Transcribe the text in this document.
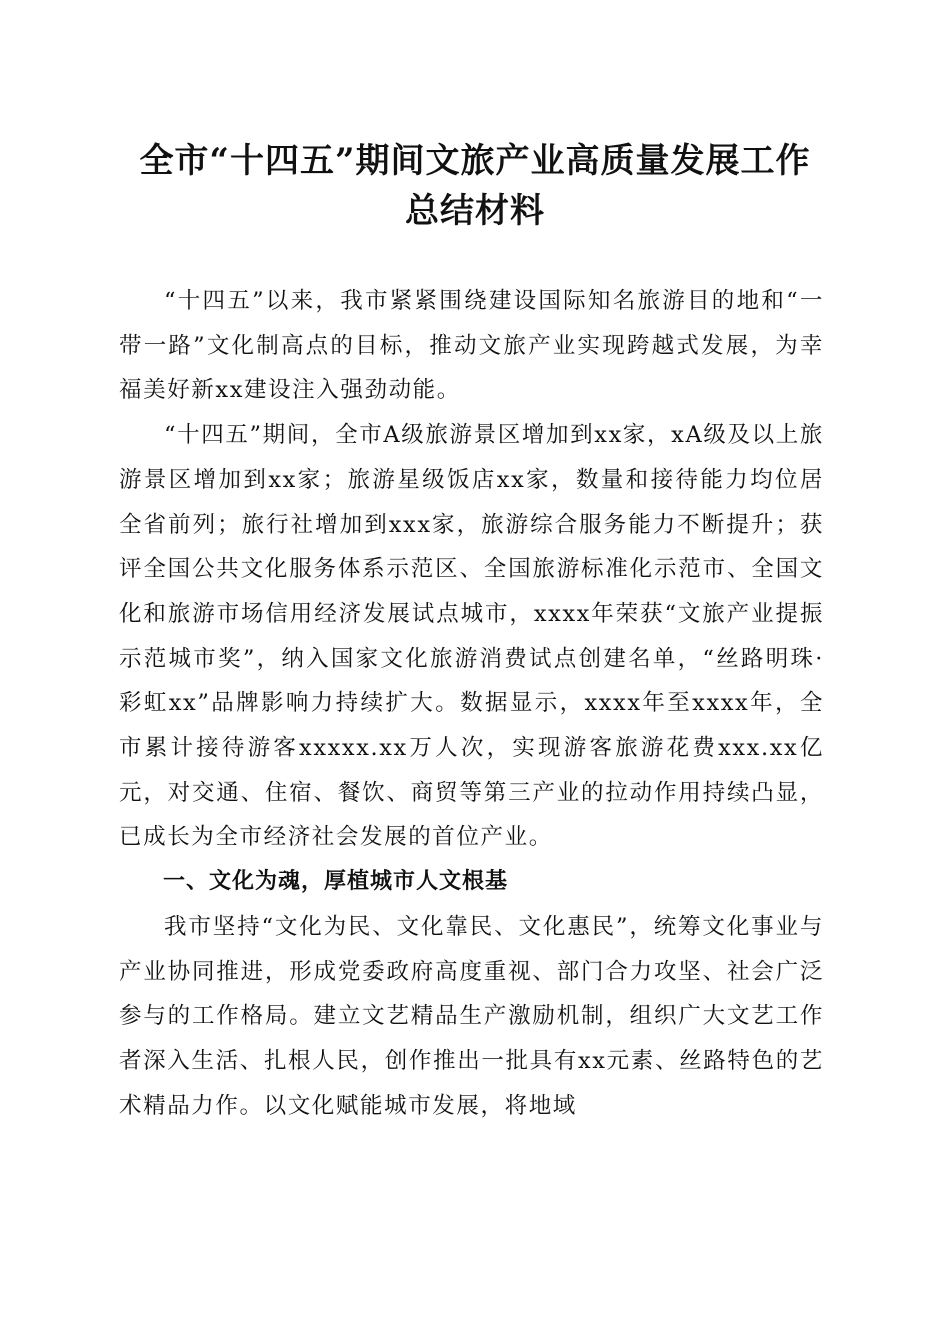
全市“十四五”期间文旅产业高质量发展工作
总结材料

“十四五”以来，我市紧紧围绕建设国际知名旅游目的地和“一带一路”文化制高点的目标，推动文旅产业实现跨越式发展，为幸福美好新xx建设注入强劲动能。

“十四五”期间，全市A级旅游景区增加到xx家，xA级及以上旅游景区增加到xx家；旅游星级饭店xx家，数量和接待能力均位居全省前列；旅行社增加到xxx家，旅游综合服务能力不断提升；获评全国公共文化服务体系示范区、全国旅游标准化示范市、全国文化和旅游市场信用经济发展试点城市，xxxx年荣获“文旅产业提振示范城市奖”，纳入国家文化旅游消费试点创建名单，“丝路明珠·彩虹xx”品牌影响力持续扩大。数据显示，xxxx年至xxxx年，全市累计接待游客xxxxx.xx万人次，实现游客旅游花费xxx.xx亿元，对交通、住宿、餐饮、商贸等第三产业的拉动作用持续凸显，已成长为全市经济社会发展的首位产业。

一、文化为魂，厚植城市人文根基

我市坚持“文化为民、文化靠民、文化惠民”，统筹文化事业与产业协同推进，形成党委政府高度重视、部门合力攻坚、社会广泛参与的工作格局。建立文艺精品生产激励机制，组织广大文艺工作者深入生活、扎根人民，创作推出一批具有xx元素、丝路特色的艺术精品力作。以文化赋能城市发展，将地域
